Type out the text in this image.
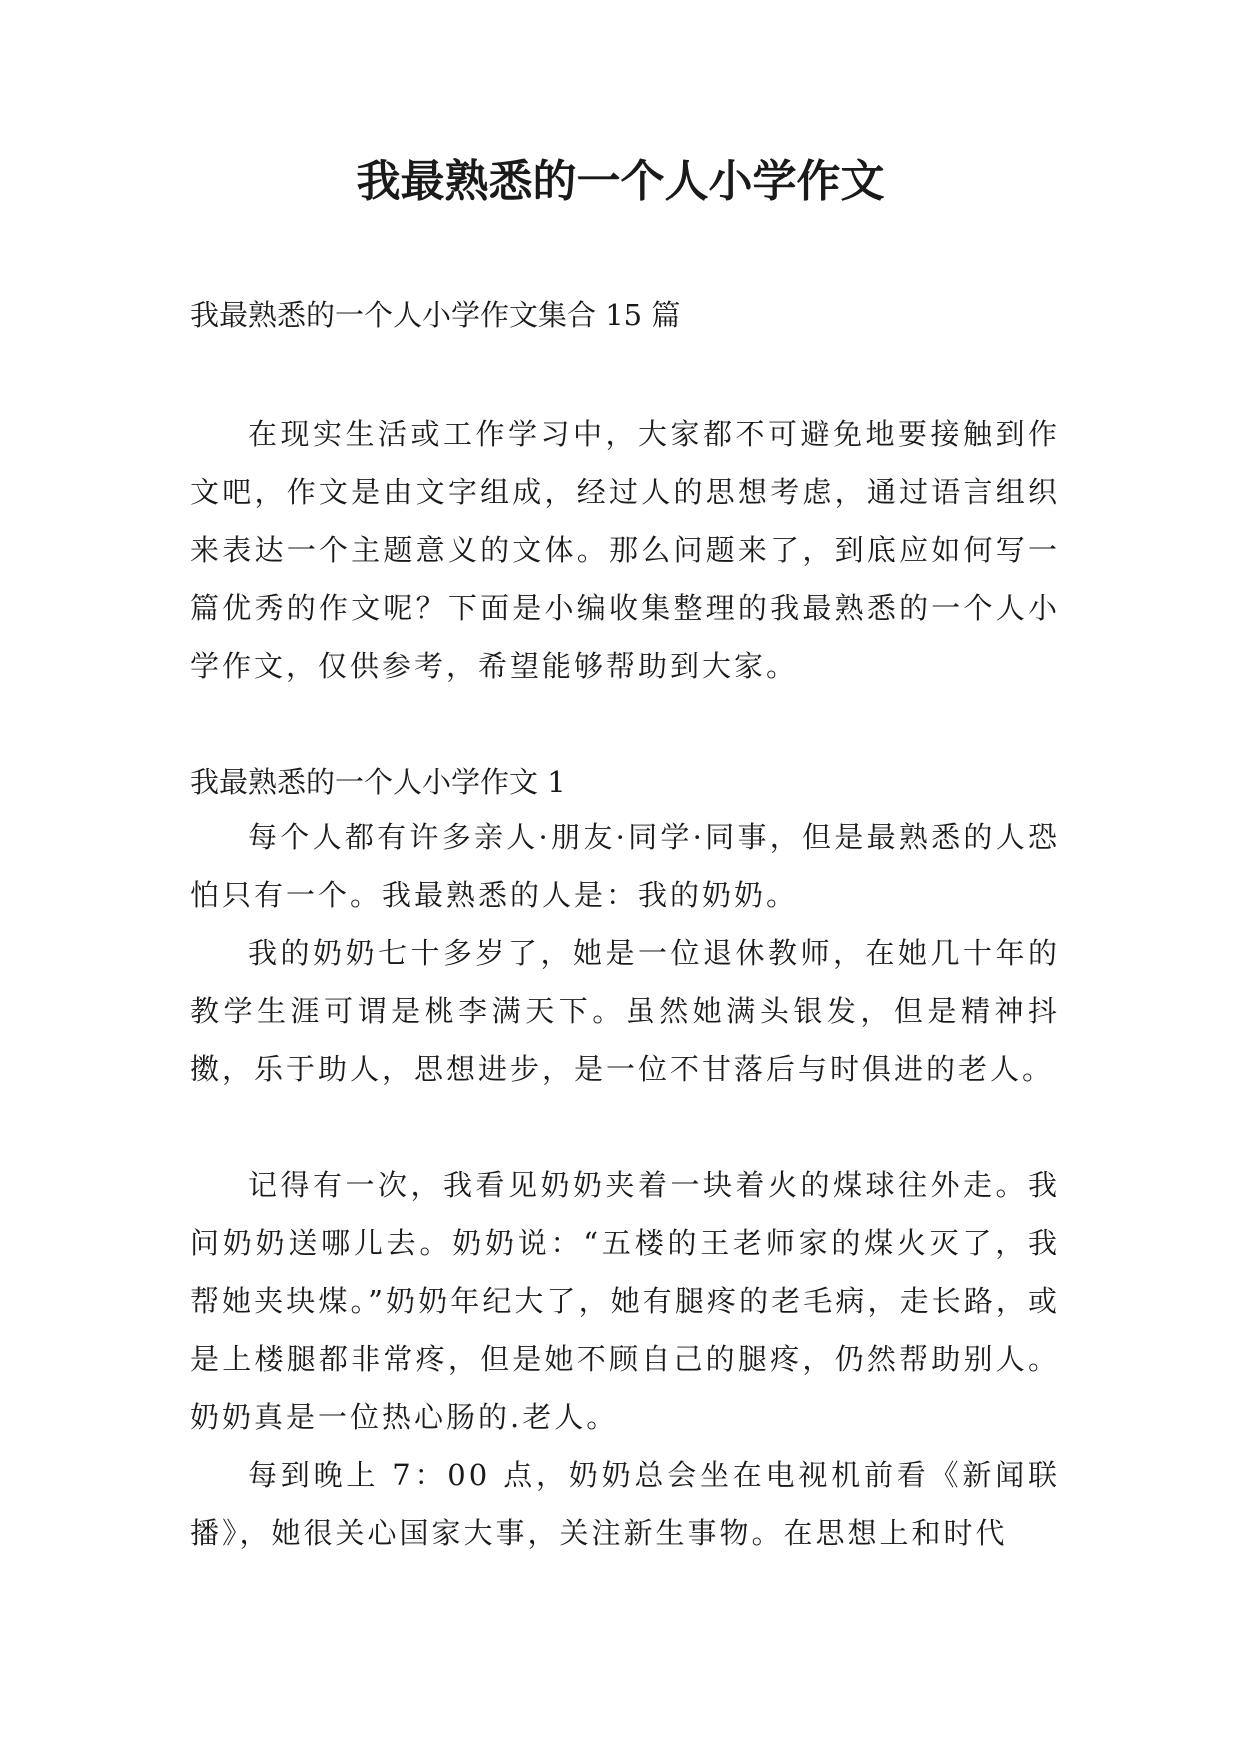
我最熟悉的一个人小学作文
我最熟悉的一个人小学作文集合 15 篇

在现实生活或工作学习中，大家都不可避免地要接触到作文吧，作文是由文字组成，经过人的思想考虑，通过语言组织来表达一个主题意义的文体。那么问题来了，到底应如何写一篇优秀的作文呢？下面是小编收集整理的我最熟悉的一个人小学作文，仅供参考，希望能够帮助到大家。

我最熟悉的一个人小学作文 1

每个人都有许多亲人·朋友·同学·同事，但是最熟悉的人恐怕只有一个。我最熟悉的人是：我的奶奶。

我的奶奶七十多岁了，她是一位退休教师，在她几十年的教学生涯可谓是桃李满天下。虽然她满头银发，但是精神抖擞，乐于助人，思想进步，是一位不甘落后与时俱进的老人。

记得有一次，我看见奶奶夹着一块着火的煤球往外走。我问奶奶送哪儿去。奶奶说：“五楼的王老师家的煤火灭了，我帮她夹块煤。”奶奶年纪大了，她有腿疼的老毛病，走长路，或是上楼腿都非常疼，但是她不顾自己的腿疼，仍然帮助别人。奶奶真是一位热心肠的.老人。

每到晚上 7：00 点，奶奶总会坐在电视机前看《新闻联播》，她很关心国家大事，关注新生事物。在思想上和时代
